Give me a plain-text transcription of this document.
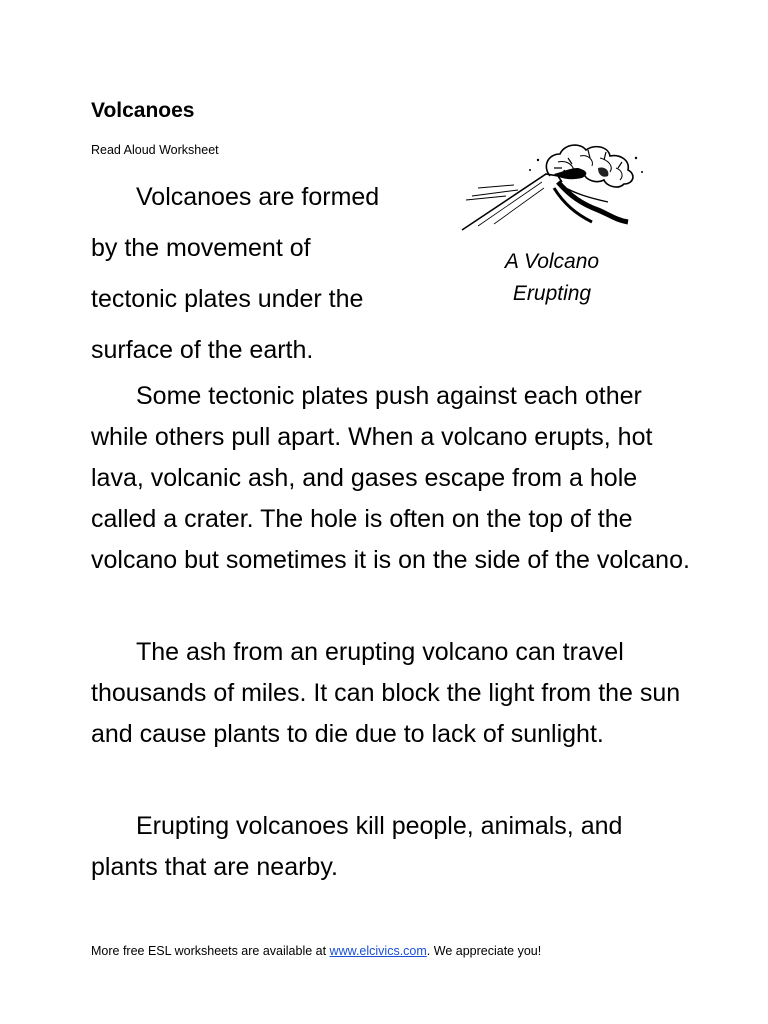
Volcanoes

Read Aloud Worksheet

Volcanoes are formed
by the movement of
tectonic plates under the
surface of the earth.

A Volcano
Erupting

Some tectonic plates push against each other while others pull apart. When a volcano erupts, hot lava, volcanic ash, and gases escape from a hole called a crater. The hole is often on the top of the volcano but sometimes it is on the side of the volcano.

The ash from an erupting volcano can travel thousands of miles. It can block the light from the sun and cause plants to die due to lack of sunlight.

Erupting volcanoes kill people, animals, and plants that are nearby.

More free ESL worksheets are available at www.elcivics.com. We appreciate you!
